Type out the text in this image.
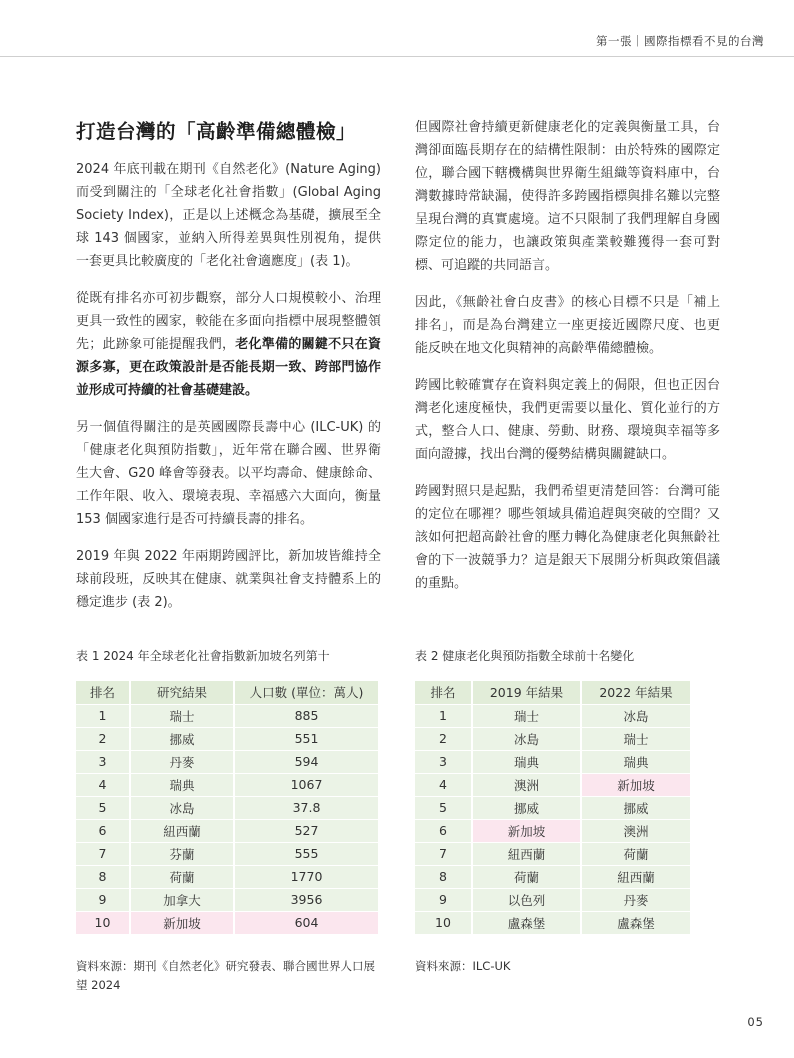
第一張｜國際指標看不見的台灣
打造台灣的「高齡準備總體檢」

2024 年底刊載在期刊《自然老化》(Nature Aging) 而受到關注的「全球老化社會指數」(Global Aging Society Index)，正是以上述概念為基礎，擴展至全球 143 個國家，並納入所得差異與性別視角，提供一套更具比較廣度的「老化社會適應度」(表 1)。

從既有排名亦可初步觀察，部分人口規模較小、治理更具一致性的國家，較能在多面向指標中展現整體領先；此跡象可能提醒我們，老化準備的關鍵不只在資源多寡，更在政策設計是否能長期一致、跨部門協作並形成可持續的社會基礎建設。

另一個值得關注的是英國國際長壽中心 (ILC-UK) 的「健康老化與預防指數」，近年常在聯合國、世界衛生大會、G20 峰會等發表。以平均壽命、健康餘命、工作年限、收入、環境表現、幸福感六大面向，衡量 153 個國家進行是否可持續長壽的排名。

2019 年與 2022 年兩期跨國評比，新加坡皆維持全球前段班，反映其在健康、就業與社會支持體系上的穩定進步 (表 2)。

但國際社會持續更新健康老化的定義與衡量工具，台灣卻面臨長期存在的結構性限制：由於特殊的國際定位，聯合國下轄機構與世界衛生組織等資料庫中，台灣數據時常缺漏，使得許多跨國指標與排名難以完整呈現台灣的真實處境。這不只限制了我們理解自身國際定位的能力，也讓政策與產業較難獲得一套可對標、可追蹤的共同語言。

因此，《無齡社會白皮書》的核心目標不只是「補上排名」，而是為台灣建立一座更接近國際尺度、也更能反映在地文化與精神的高齡準備總體檢。

跨國比較確實存在資料與定義上的侷限，但也正因台灣老化速度極快，我們更需要以量化、質化並行的方式，整合人口、健康、勞動、財務、環境與幸福等多面向證據，找出台灣的優勢結構與關鍵缺口。

跨國對照只是起點，我們希望更清楚回答：台灣可能的定位在哪裡？哪些領域具備追趕與突破的空間？又該如何把超高齡社會的壓力轉化為健康老化與無齡社會的下一波競爭力？這是銀天下展開分析與政策倡議的重點。

表 1 2024 年全球老化社會指數新加坡名列第十	表 2 健康老化與預防指數全球前十名變化
排名	研究結果	人口數 (單位：萬人)
1	瑞士	885
2	挪威	551
3	丹麥	594
4	瑞典	1067
5	冰島	37.8
6	紐西蘭	527
7	芬蘭	555
8	荷蘭	1770
9	加拿大	3956
10	新加坡	604
排名	2019 年結果	2022 年結果
1	瑞士	冰島
2	冰島	瑞士
3	瑞典	瑞典
4	澳洲	新加坡
5	挪威	挪威
6	新加坡	澳洲
7	紐西蘭	荷蘭
8	荷蘭	紐西蘭
9	以色列	丹麥
10	盧森堡	盧森堡
資料來源：期刊《自然老化》研究發表、聯合國世界人口展望 2024
資料來源：ILC-UK
05
